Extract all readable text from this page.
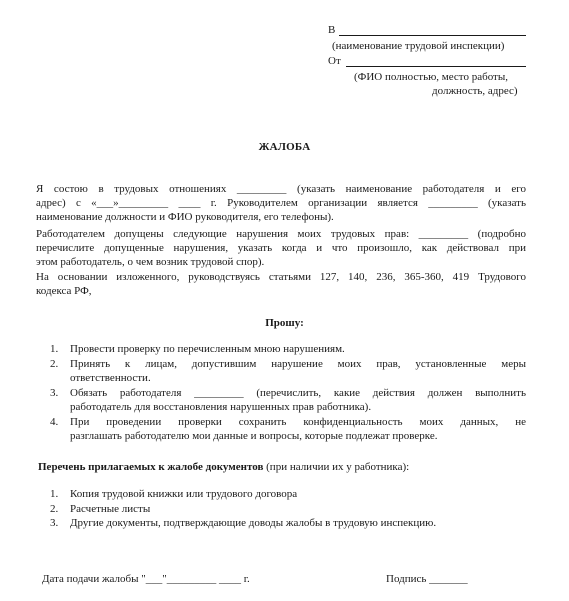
В
(наименование трудовой инспекции)
От
(ФИО полностью, место работы,
должность, адрес)
ЖАЛОБА
Я состою в трудовых отношениях _________ (указать наименование работодателя и его
адрес) с «___»_________ ____ г. Руководителем организации является _________ (указать
наименование должности и ФИО руководителя, его телефоны).
Работодателем допущены следующие нарушения моих трудовых прав: _________ (подробно
перечислите допущенные нарушения, указать когда и что произошло, как действовал при
этом работодатель, о чем возник трудовой спор).
На основании изложенного, руководствуясь статьями 127, 140, 236, 365-360, 419 Трудового
кодекса РФ,
Прошу:
1.	Провести проверку по перечисленным мною нарушениям.
2.	Принять к лицам, допустившим нарушение моих прав, установленные меры
ответственности.
3.	Обязать работодателя _________ (перечислить, какие действия должен выполнить
работодатель для восстановления нарушенных прав работника).
4.	При проведении проверки сохранить конфиденциальность моих данных, не
разглашать работодателю мои данные и вопросы, которые подлежат проверке.
Перечень прилагаемых к жалобе документов (при наличии их у работника):
1.	Копия трудовой книжки или трудового договора
2.	Расчетные листы
3.	Другие документы, подтверждающие доводы жалобы в трудовую инспекцию.
Дата подачи жалобы "___"_________ ____ г.	Подпись _______
